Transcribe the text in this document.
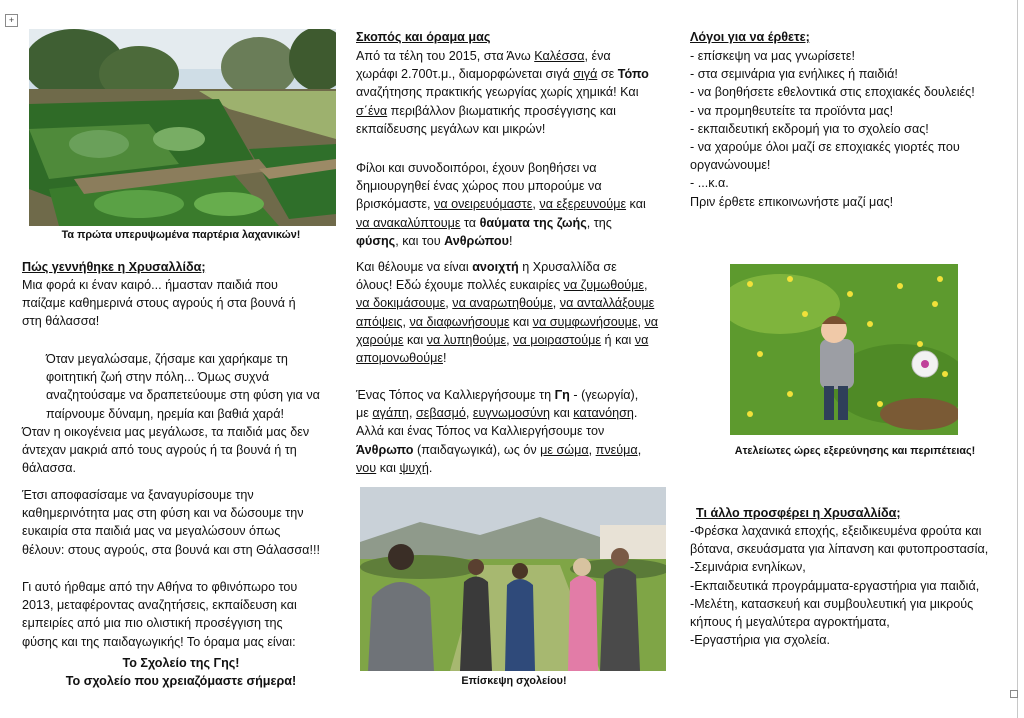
+

Τα πρώτα υπερυψωμένα παρτέρια λαχανικών!

Πώς γεννήθηκε η Χρυσαλλίδα;

Μια φορά κι έναν καιρό... ήμασταν παιδιά που

παίζαμε καθημερινά στους αγρούς ή στα βουνά ή

στη θάλασσα!

Όταν μεγαλώσαμε, ζήσαμε και χαρήκαμε τη

φοιτητική ζωή στην πόλη... Όμως συχνά

αναζητούσαμε να δραπετεύουμε στη φύση για να

παίρνουμε δύναμη, ηρεμία και βαθιά χαρά!

Όταν η οικογένεια μας μεγάλωσε, τα παιδιά μας δεν

άντεχαν μακριά από τους αγρούς ή τα βουνά ή τη

θάλασσα.

Έτσι αποφασίσαμε να ξαναγυρίσουμε την

καθημερινότητα μας στη φύση και να δώσουμε την

ευκαιρία στα παιδιά μας να μεγαλώσουν όπως

θέλουν: στους αγρούς, στα βουνά και στη Θάλασσα!!!

Γι αυτό ήρθαμε από την Αθήνα το φθινόπωρο του

2013, μεταφέροντας αναζητήσεις, εκπαίδευση και

εμπειρίες από μια πιο ολιστική προσέγγιση της

φύσης και της παιδαγωγικής! Το όραμα μας είναι:

Το Σχολείο της Γης!

Το σχολείο που χρειαζόμαστε σήμερα!

Σκοπός και όραμα μας

Από τα τέλη του 2015, στα Άνω Καλέσσα, ένα

χωράφι 2.700τ.μ., διαμορφώνεται σιγά σιγά σε Τόπο

αναζήτησης πρακτικής γεωργίας χωρίς χημικά! Και

σ΄ένα περιβάλλον βιωματικής προσέγγισης και

εκπαίδευσης μεγάλων και μικρών!

Φίλοι και συνοδοιπόροι, έχουν βοηθήσει να

δημιουργηθεί ένας χώρος που μπορούμε να

βρισκόμαστε, να ονειρευόμαστε, να εξερευνούμε και

να ανακαλύπτουμε τα θαύματα της ζωής, της

φύσης, και του Ανθρώπου!

Και θέλουμε να είναι ανοιχτή η Χρυσαλλίδα σε

όλους! Εδώ έχουμε πολλές ευκαιρίες να ζυμωθούμε,

να δοκιμάσουμε, να αναρωτηθούμε, να ανταλλάξουμε

απόψεις, να διαφωνήσουμε και να συμφωνήσουμε, να

χαρούμε και να λυπηθούμε, να μοιραστούμε ή και να

απομονωθούμε!

Ένας Τόπος να Καλλιεργήσουμε τη Γη - (γεωργία),

με αγάπη, σεβασμό, ευγνωμοσύνη και κατανόηση.

Αλλά και ένας Τόπος να Καλλιεργήσουμε τον

Άνθρωπο (παιδαγωγικά), ως όν με σώμα, πνεύμα,

νου και ψυχή.

Επίσκεψη σχολείου!

Λόγοι για να έρθετε;

- επίσκεψη να μας γνωρίσετε!

- στα σεμινάρια για ενήλικες ή παιδιά!

- να βοηθήσετε εθελοντικά στις εποχιακές δουλειές!

- να προμηθευτείτε τα προϊόντα μας!

- εκπαιδευτική εκδρομή για το σχολείο σας!

- να χαρούμε όλοι μαζί σε εποχιακές γιορτές που

οργανώνουμε!

- ...κ.α.

Πριν έρθετε επικοινωνήστε μαζί μας!

Ατελείωτες ώρες εξερεύνησης και περιπέτειας!

Τι άλλο προσφέρει η Χρυσαλλίδα;

-Φρέσκα λαχανικά εποχής, εξειδικευμένα φρούτα και

βότανα, σκευάσματα για λίπανση και φυτοπροστασία,

-Σεμινάρια ενηλίκων,

-Εκπαιδευτικά προγράμματα-εργαστήρια για παιδιά,

-Μελέτη, κατασκευή και συμβουλευτική για μικρούς

κήπους ή μεγαλύτερα αγροκτήματα,

-Εργαστήρια για σχολεία.
